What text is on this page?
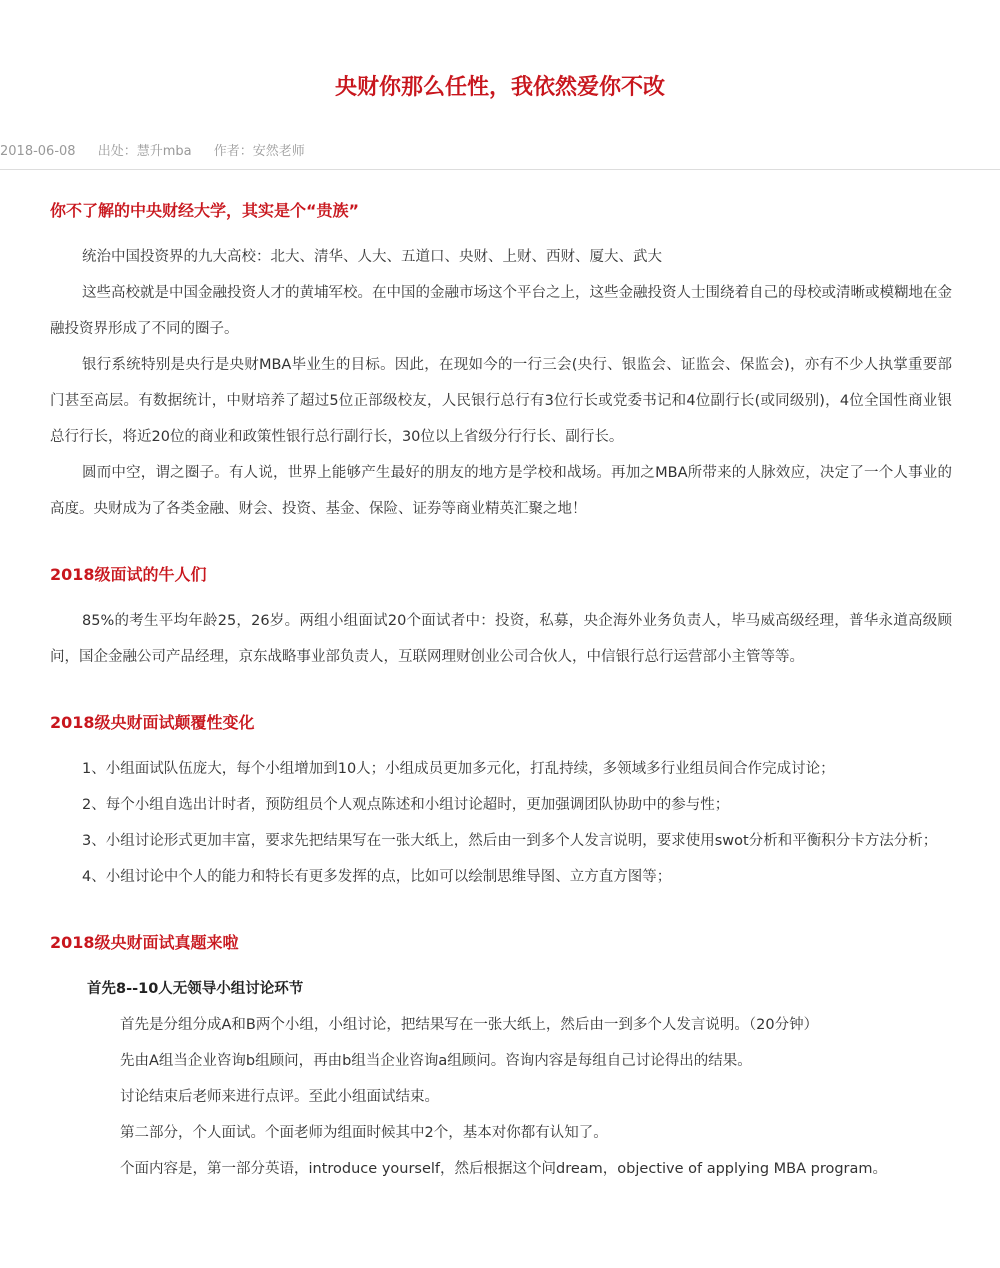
央财你那么任性，我依然爱你不改
2018-06-08 出处：慧升mba 作者：安然老师
你不了解的中央财经大学，其实是个“贵族”

统治中国投资界的九大高校：北大、清华、人大、五道口、央财、上财、西财、厦大、武大

这些高校就是中国金融投资人才的黄埔军校。在中国的金融市场这个平台之上，这些金融投资人士围绕着自己的母校或清晰或模糊地在金融投资界形成了不同的圈子。

银行系统特别是央行是央财MBA毕业生的目标。因此，在现如今的一行三会(央行、银监会、证监会、保监会)，亦有不少人执掌重要部门甚至高层。有数据统计，中财培养了超过5位正部级校友，人民银行总行有3位行长或党委书记和4位副行长(或同级别)，4位全国性商业银总行行长，将近20位的商业和政策性银行总行副行长，30位以上省级分行行长、副行长。

圆而中空，谓之圈子。有人说，世界上能够产生最好的朋友的地方是学校和战场。再加之MBA所带来的人脉效应，决定了一个人事业的高度。央财成为了各类金融、财会、投资、基金、保险、证券等商业精英汇聚之地！

2018级面试的牛人们

85%的考生平均年龄25，26岁。两组小组面试20个面试者中：投资，私募，央企海外业务负责人，毕马威高级经理，普华永道高级顾问，国企金融公司产品经理，京东战略事业部负责人，互联网理财创业公司合伙人，中信银行总行运营部小主管等等。

2018级央财面试颠覆性变化

1、小组面试队伍庞大，每个小组增加到10人；小组成员更加多元化，打乱持续，多领域多行业组员间合作完成讨论；

2、每个小组自选出计时者，预防组员个人观点陈述和小组讨论超时，更加强调团队协助中的参与性；

3、小组讨论形式更加丰富，要求先把结果写在一张大纸上，然后由一到多个人发言说明，要求使用swot分析和平衡积分卡方法分析；

4、小组讨论中个人的能力和特长有更多发挥的点，比如可以绘制思维导图、立方直方图等；

2018级央财面试真题来啦
首先8--10人无领导小组讨论环节

首先是分组分成A和B两个小组，小组讨论，把结果写在一张大纸上，然后由一到多个人发言说明。（20分钟）

先由A组当企业咨询b组顾问，再由b组当企业咨询a组顾问。咨询内容是每组自己讨论得出的结果。

讨论结束后老师来进行点评。至此小组面试结束。

第二部分，个人面试。个面老师为组面时候其中2个，基本对你都有认知了。

个面内容是，第一部分英语，introduce yourself，然后根据这个问dream，objective of applying MBA program。
